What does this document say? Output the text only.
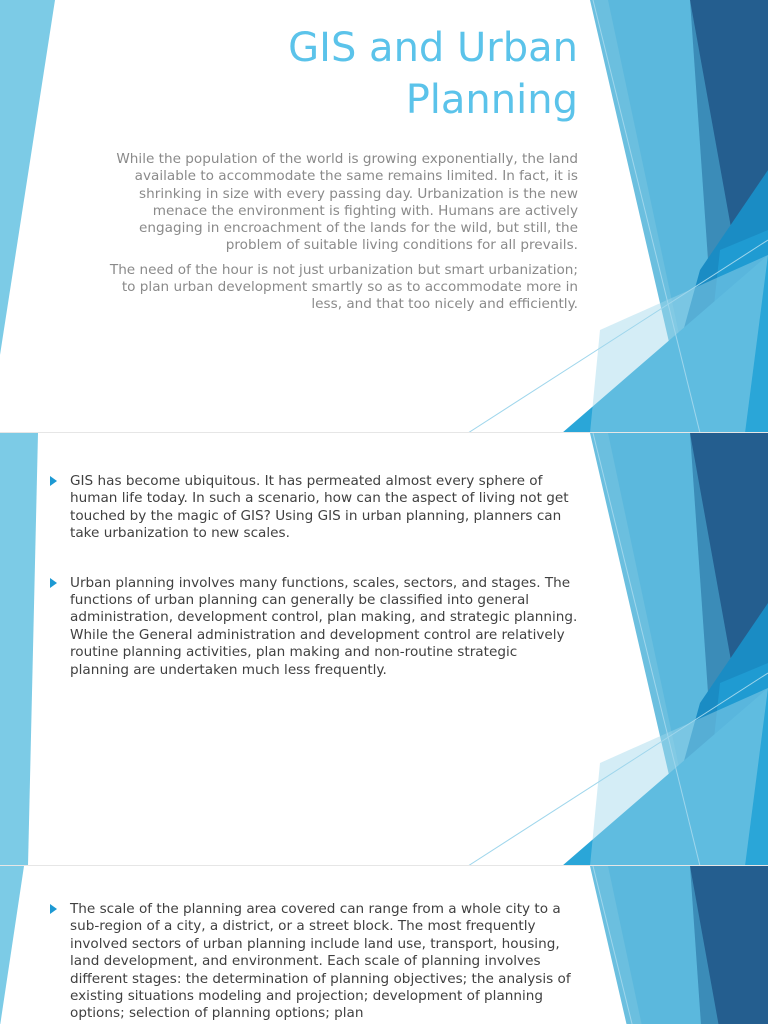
GIS and Urban Planning

While the population of the world is growing exponentially, the land available to accommodate the same remains limited. In fact, it is shrinking in size with every passing day. Urbanization is the new menace the environment is fighting with. Humans are actively engaging in encroachment of the lands for the wild, but still, the problem of suitable living conditions for all prevails.

The need of the hour is not just urbanization but smart urbanization; to plan urban development smartly so as to accommodate more in less, and that too nicely and efficiently.

GIS has become ubiquitous. It has permeated almost every sphere of human life today. In such a scenario, how can the aspect of living not get touched by the magic of GIS? Using GIS in urban planning, planners can take urbanization to new scales.
Urban planning involves many functions, scales, sectors, and stages. The functions of urban planning can generally be classified into general administration, development control, plan making, and strategic planning. While the General administration and development control are relatively routine planning activities, plan making and non-routine strategic planning are undertaken much less frequently.
The scale of the planning area covered can range from a whole city to a sub-region of a city, a district, or a street block. The most frequently involved sectors of urban planning include land use, transport, housing, land development, and environment. Each scale of planning involves different stages: the determination of planning objectives; the analysis of existing situations modeling and projection; development of planning options; selection of planning options; plan
